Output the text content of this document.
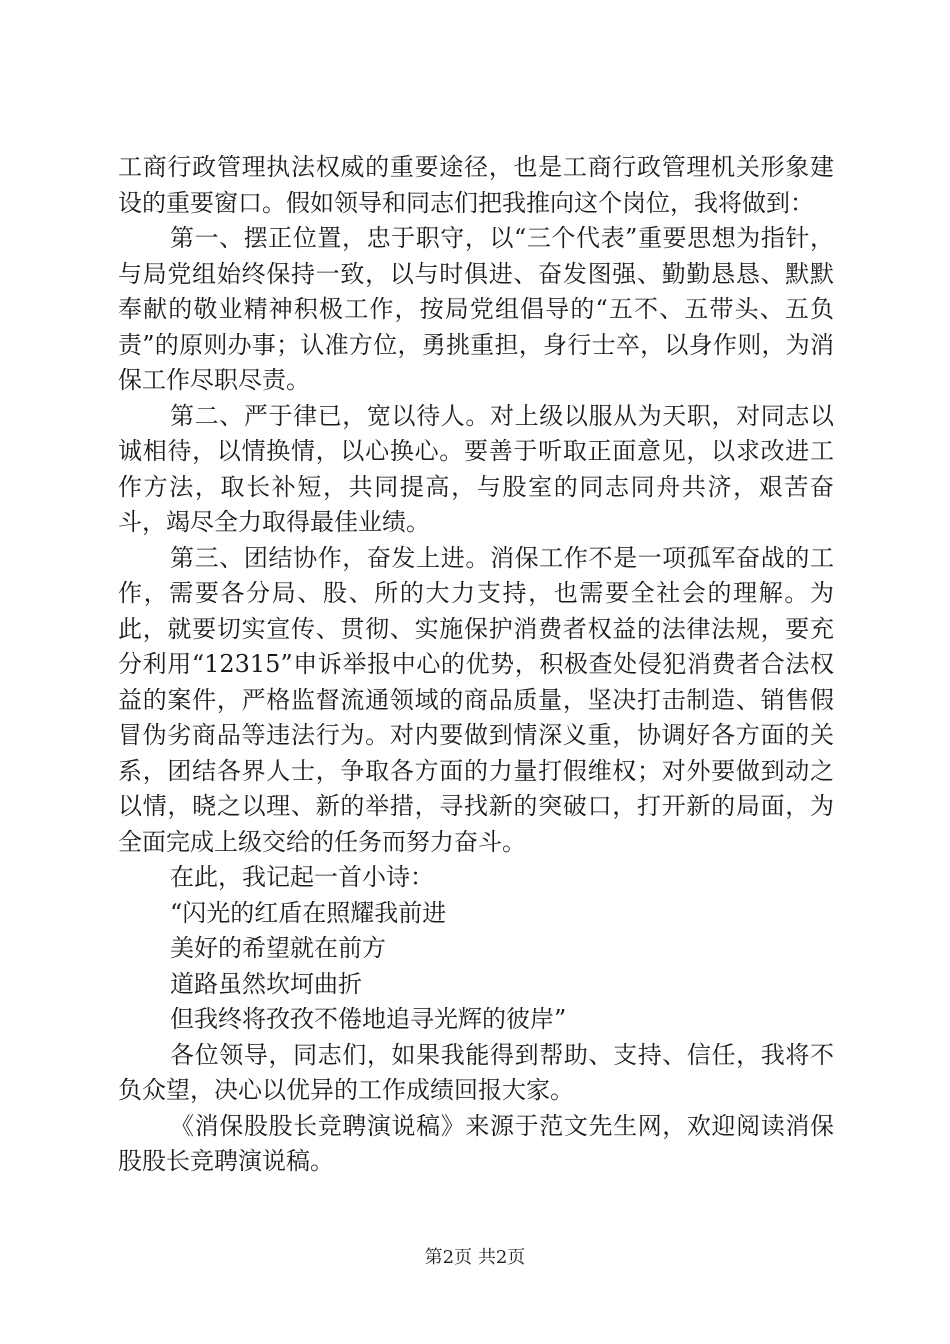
工商行政管理执法权威的重要途径，也是工商行政管理机关形象建设的重要窗口。假如领导和同志们把我推向这个岗位，我将做到：

第一、摆正位置，忠于职守，以“三个代表”重要思想为指针，与局党组始终保持一致，以与时俱进、奋发图强、勤勤恳恳、默默奉献的敬业精神积极工作，按局党组倡导的“五不、五带头、五负责”的原则办事；认准方位，勇挑重担，身行士卒，以身作则，为消保工作尽职尽责。

第二、严于律已，宽以待人。对上级以服从为天职，对同志以诚相待，以情换情，以心换心。要善于听取正面意见，以求改进工作方法，取长补短，共同提高，与股室的同志同舟共济，艰苦奋斗，竭尽全力取得最佳业绩。

第三、团结协作，奋发上进。消保工作不是一项孤军奋战的工作，需要各分局、股、所的大力支持，也需要全社会的理解。为此，就要切实宣传、贯彻、实施保护消费者权益的法律法规，要充分利用“12315”申诉举报中心的优势，积极查处侵犯消费者合法权益的案件，严格监督流通领域的商品质量，坚决打击制造、销售假冒伪劣商品等违法行为。对内要做到情深义重，协调好各方面的关系，团结各界人士，争取各方面的力量打假维权；对外要做到动之以情，晓之以理、新的举措，寻找新的突破口，打开新的局面，为全面完成上级交给的任务而努力奋斗。

在此，我记起一首小诗：

“闪光的红盾在照耀我前进

美好的希望就在前方

道路虽然坎坷曲折

但我终将孜孜不倦地追寻光辉的彼岸”

各位领导，同志们，如果我能得到帮助、支持、信任，我将不负众望，决心以优异的工作成绩回报大家。

《消保股股长竞聘演说稿》来源于范文先生网，欢迎阅读消保股股长竞聘演说稿。

第2页 共2页
